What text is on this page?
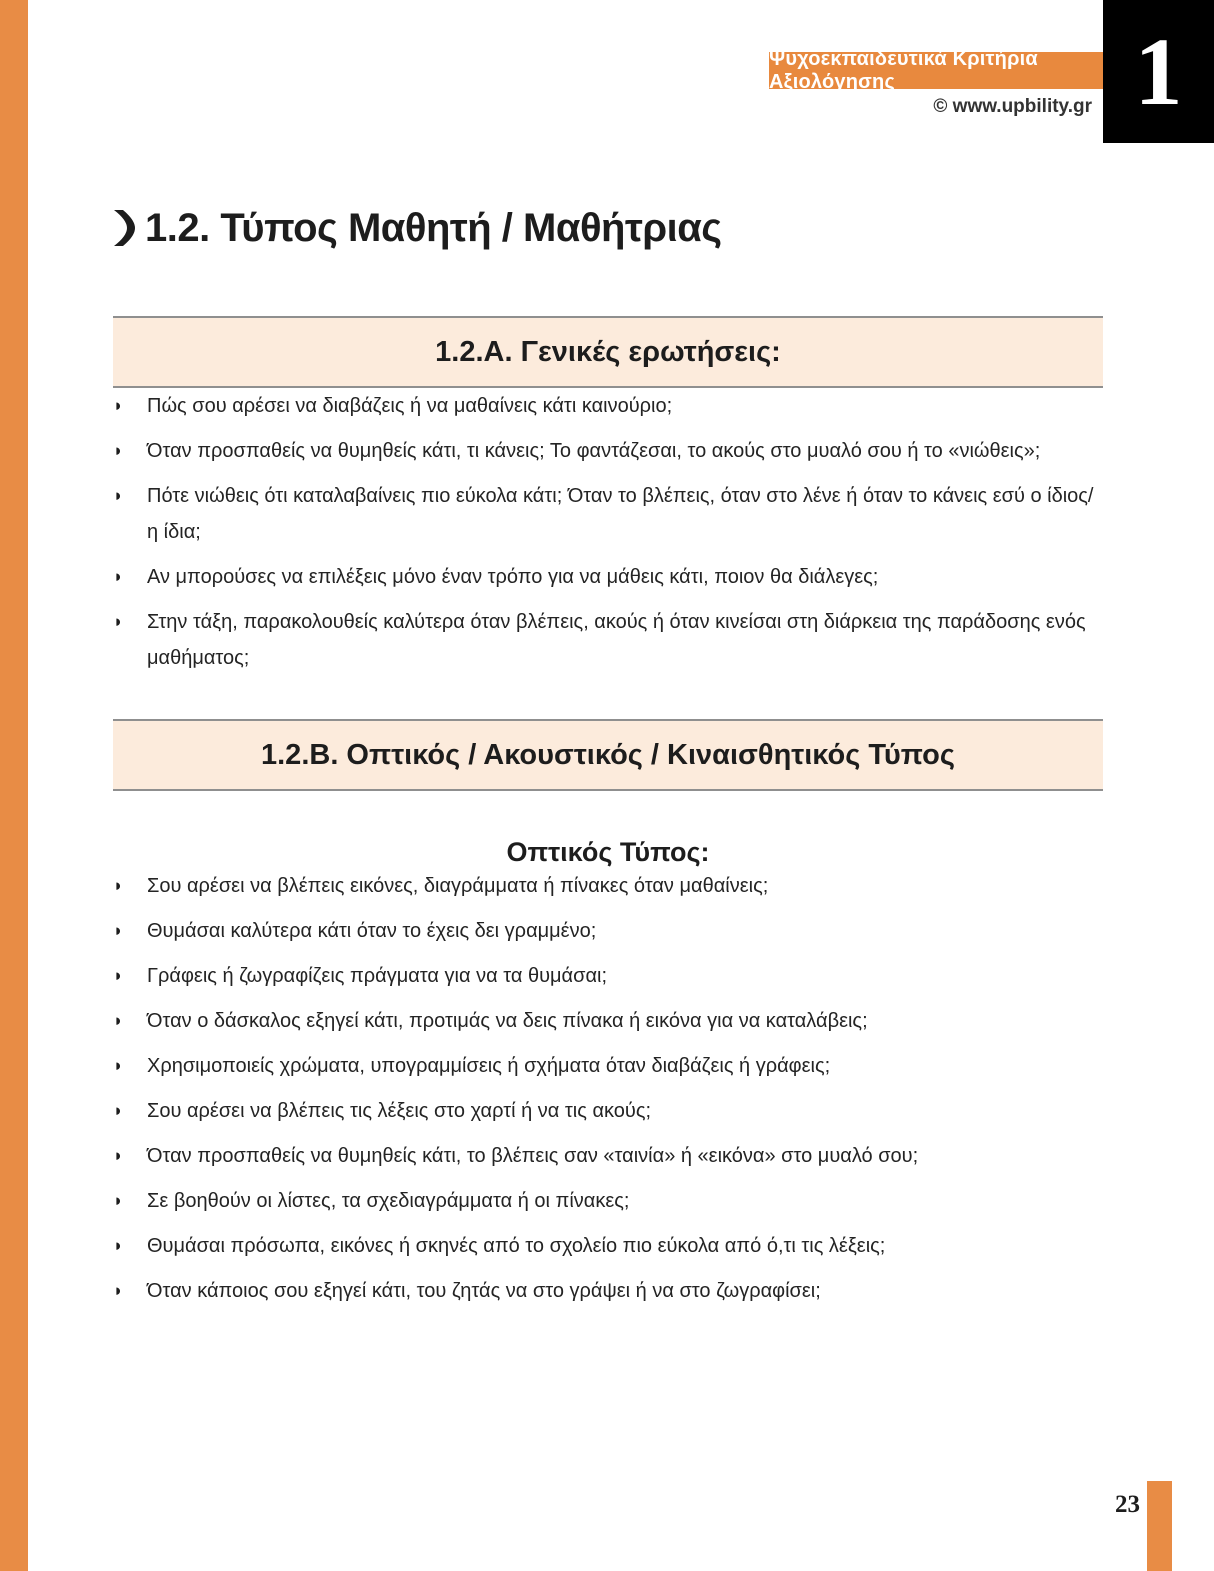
1
Ψυχοεκπαιδευτικά Κριτήρια Αξιολόγησης
© www.upbility.gr
1.2. Τύπος Μαθητή / Μαθήτριας
1.2.Α. Γενικές ερωτήσεις:
◗ Πώς σου αρέσει να διαβάζεις ή να μαθαίνεις κάτι καινούριο;
◗ Όταν προσπαθείς να θυμηθείς κάτι, τι κάνεις; Το φαντάζεσαι, το ακούς στο μυαλό σου ή το «νιώθεις»;
◗ Πότε νιώθεις ότι καταλαβαίνεις πιο εύκολα κάτι; Όταν το βλέπεις, όταν στο λένε ή όταν το κάνεις εσύ ο ίδιος/η ίδια;
◗ Αν μπορούσες να επιλέξεις μόνο έναν τρόπο για να μάθεις κάτι, ποιον θα διάλεγες;
◗ Στην τάξη, παρακολουθείς καλύτερα όταν βλέπεις, ακούς ή όταν κινείσαι στη διάρκεια της παράδοσης ενός μαθήματος;
1.2.Β. Οπτικός / Ακουστικός / Κιναισθητικός Τύπος
Οπτικός Τύπος:
◗ Σου αρέσει να βλέπεις εικόνες, διαγράμματα ή πίνακες όταν μαθαίνεις;
◗ Θυμάσαι καλύτερα κάτι όταν το έχεις δει γραμμένο;
◗ Γράφεις ή ζωγραφίζεις πράγματα για να τα θυμάσαι;
◗ Όταν ο δάσκαλος εξηγεί κάτι, προτιμάς να δεις πίνακα ή εικόνα για να καταλάβεις;
◗ Χρησιμοποιείς χρώματα, υπογραμμίσεις ή σχήματα όταν διαβάζεις ή γράφεις;
◗ Σου αρέσει να βλέπεις τις λέξεις στο χαρτί ή να τις ακούς;
◗ Όταν προσπαθείς να θυμηθείς κάτι, το βλέπεις σαν «ταινία» ή «εικόνα» στο μυαλό σου;
◗ Σε βοηθούν οι λίστες, τα σχεδιαγράμματα ή οι πίνακες;
◗ Θυμάσαι πρόσωπα, εικόνες ή σκηνές από το σχολείο πιο εύκολα από ό,τι τις λέξεις;
◗ Όταν κάποιος σου εξηγεί κάτι, του ζητάς να στο γράψει ή να στο ζωγραφίσει;
23
